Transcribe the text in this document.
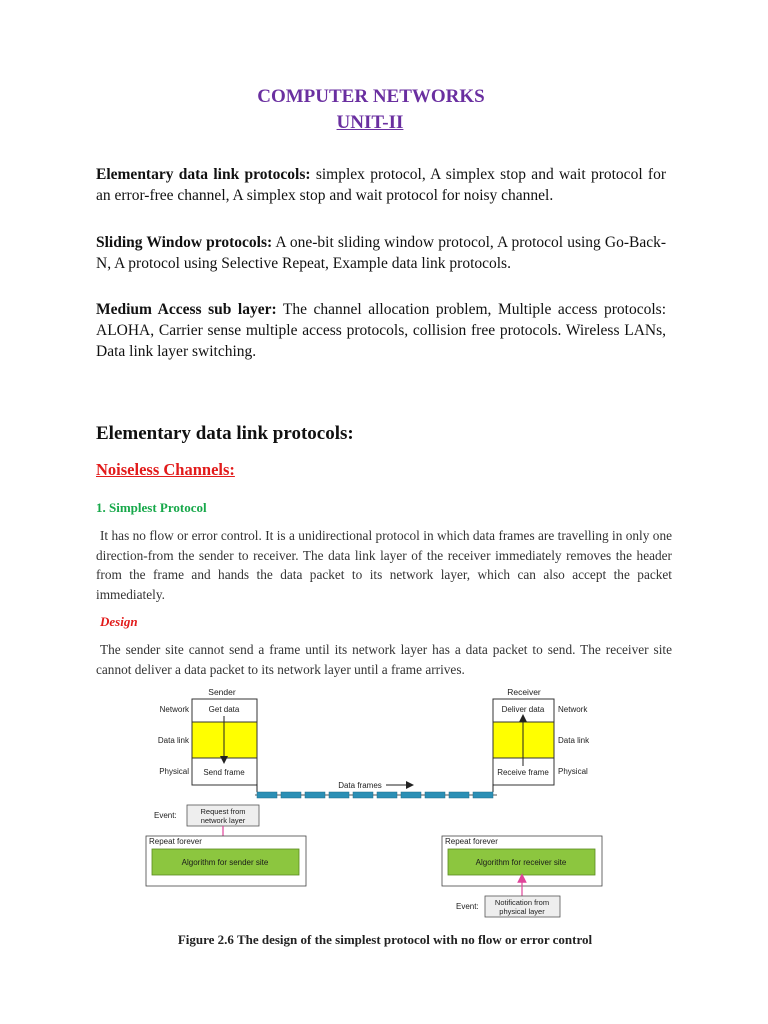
COMPUTER NETWORKS
UNIT-II
Elementary data link protocols: simplex protocol, A simplex stop and wait protocol for an error-free channel, A simplex stop and wait protocol for noisy channel.
Sliding Window protocols: A one-bit sliding window protocol, A protocol using Go-Back-N, A protocol using Selective Repeat, Example data link protocols.
Medium Access sub layer: The channel allocation problem, Multiple access protocols: ALOHA, Carrier sense multiple access protocols, collision free protocols. Wireless LANs, Data link layer switching.
Elementary data link protocols:
Noiseless Channels:
1. Simplest Protocol
It has no flow or error control. It is a unidirectional protocol in which data frames are travelling in only one direction-from the sender to receiver. The data link layer of the receiver immediately removes the header from the frame and hands the data packet to its network layer, which can also accept the packet immediately.
Design
The sender site cannot send a frame until its network layer has a data packet to send. The receiver site cannot deliver a data packet to its network layer until a frame arrives.
Sender
Get data
Send frame
Network
Data link
Physical
Receiver
Deliver data
Receive frame
Network
Data link
Physical
Data frames
Event:	Request from
network layer
Repeat forever
Algorithm for sender site
Repeat forever
Algorithm for receiver site
Event: Notification from
physical layer
Figure 2.6 The design of the simplest protocol with no flow or error control
